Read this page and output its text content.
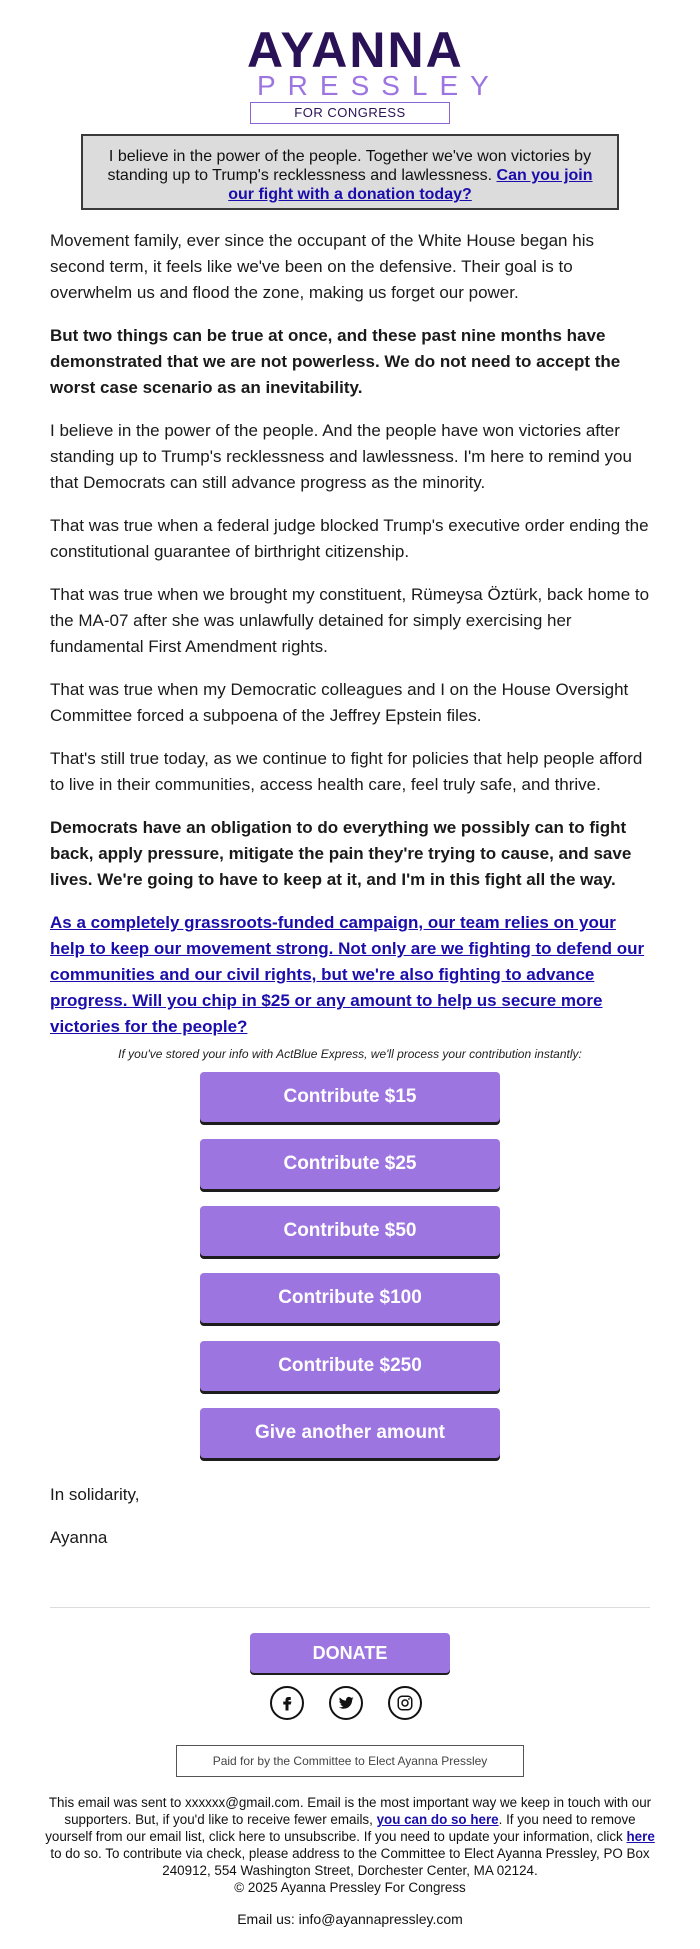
AYANNA
PRESSLEY
FOR CONGRESS
I believe in the power of the people. Together we've won victories by standing up to Trump's recklessness and lawlessness. Can you join our fight with a donation today?

Movement family, ever since the occupant of the White House began his second term, it feels like we've been on the defensive. Their goal is to overwhelm us and flood the zone, making us forget our power.

But two things can be true at once, and these past nine months have demonstrated that we are not powerless. We do not need to accept the worst case scenario as an inevitability.

I believe in the power of the people. And the people have won victories after standing up to Trump's recklessness and lawlessness. I'm here to remind you that Democrats can still advance progress as the minority.

That was true when a federal judge blocked Trump's executive order ending the constitutional guarantee of birthright citizenship.

That was true when we brought my constituent, Rümeysa Öztürk, back home to the MA-07 after she was unlawfully detained for simply exercising her fundamental First Amendment rights.

That was true when my Democratic colleagues and I on the House Oversight Committee forced a subpoena of the Jeffrey Epstein files.

That's still true today, as we continue to fight for policies that help people afford to live in their communities, access health care, feel truly safe, and thrive.

Democrats have an obligation to do everything we possibly can to fight back, apply pressure, mitigate the pain they're trying to cause, and save lives. We're going to have to keep at it, and I'm in this fight all the way.

As a completely grassroots-funded campaign, our team relies on your help to keep our movement strong. Not only are we fighting to defend our communities and our civil rights, but we're also fighting to advance progress. Will you chip in $25 or any amount to help us secure more victories for the people?

If you've stored your info with ActBlue Express, we'll process your contribution instantly:
Contribute $15
Contribute $25
Contribute $50
Contribute $100
Contribute $250
Give another amount
In solidarity,
Ayanna
DONATE
Paid for by the Committee to Elect Ayanna Pressley
This email was sent to xxxxxx@gmail.com. Email is the most important way we keep in touch with our supporters. But, if you'd like to receive fewer emails, you can do so here. If you need to remove yourself from our email list, click here to unsubscribe. If you need to update your information, click here to do so. To contribute via check, please address to the Committee to Elect Ayanna Pressley, PO Box 240912, 554 Washington Street, Dorchester Center, MA 02124.
© 2025 Ayanna Pressley For Congress
Email us: info@ayannapressley.com
